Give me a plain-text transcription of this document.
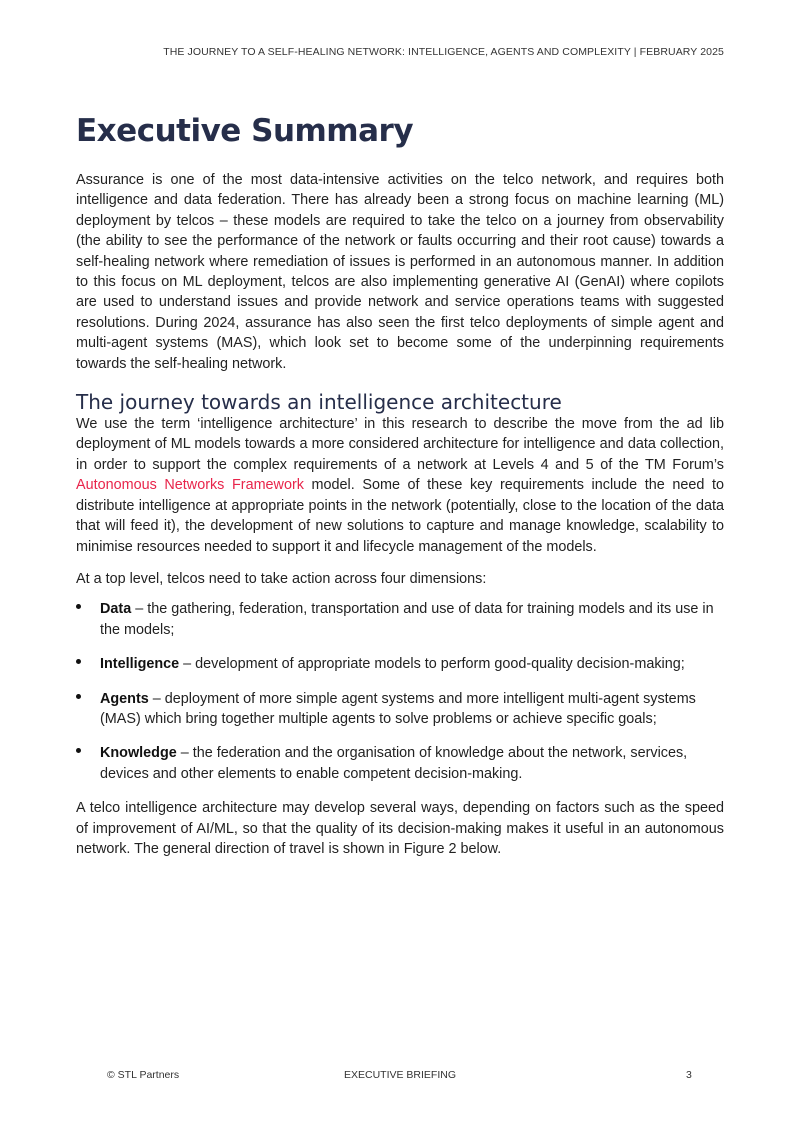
THE JOURNEY TO A SELF-HEALING NETWORK: INTELLIGENCE, AGENTS AND COMPLEXITY | FEBRUARY 2025
Executive Summary

Assurance is one of the most data-intensive activities on the telco network, and requires both intelligence and data federation. There has already been a strong focus on machine learning (ML) deployment by telcos – these models are required to take the telco on a journey from observability (the ability to see the performance of the network or faults occurring and their root cause) towards a self-healing network where remediation of issues is performed in an autonomous manner. In addition to this focus on ML deployment, telcos are also implementing generative AI (GenAI) where copilots are used to understand issues and provide network and service operations teams with suggested resolutions. During 2024, assurance has also seen the first telco deployments of simple agent and multi-agent systems (MAS), which look set to become some of the underpinning requirements towards the self-healing network.

The journey towards an intelligence architecture

We use the term ‘intelligence architecture’ in this research to describe the move from the ad lib deployment of ML models towards a more considered architecture for intelligence and data collection, in order to support the complex requirements of a network at Levels 4 and 5 of the TM Forum’s Autonomous Networks Framework model. Some of these key requirements include the need to distribute intelligence at appropriate points in the network (potentially, close to the location of the data that will feed it), the development of new solutions to capture and manage knowledge, scalability to minimise resources needed to support it and lifecycle management of the models.

At a top level, telcos need to take action across four dimensions:

Data – the gathering, federation, transportation and use of data for training models and its use in the models;
Intelligence – development of appropriate models to perform good-quality decision-making;
Agents – deployment of more simple agent systems and more intelligent multi-agent systems (MAS) which bring together multiple agents to solve problems or achieve specific goals;
Knowledge – the federation and the organisation of knowledge about the network, services, devices and other elements to enable competent decision-making.

A telco intelligence architecture may develop several ways, depending on factors such as the speed of improvement of AI/ML, so that the quality of its decision-making makes it useful in an autonomous network. The general direction of travel is shown in Figure 2 below.

© STL Partners	EXECUTIVE BRIEFING	3
